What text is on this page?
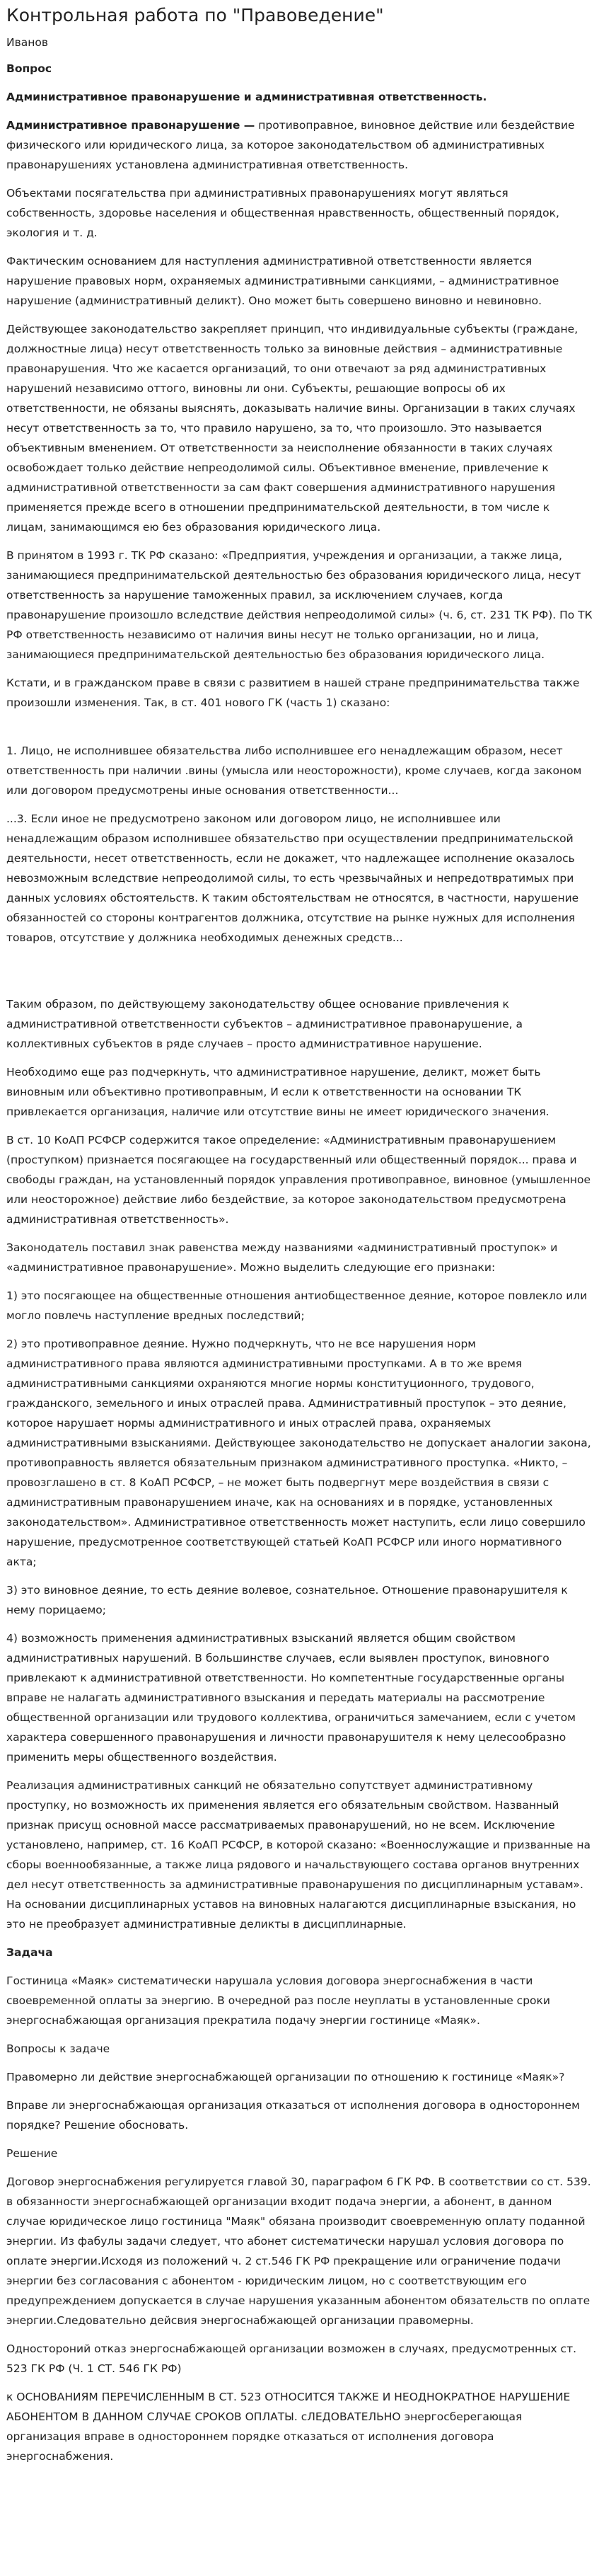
Контрольная работа по "Правоведение"
Иванов

Вопрос

Административное правонарушение и административная ответственность.

Административное правонарушение — противоправное, виновное действие или бездействие физического или юридического лица, за которое законодательством об административных правонарушениях установлена административная ответственность.

Объектами посягательства при административных правонарушениях могут являться собственность, здоровье населения и общественная нравственность, общественный порядок, экология и т. д.

Фактическим основанием для наступления административной ответственности является нарушение правовых норм, охраняемых административными санкциями, – административное нарушение (административный деликт). Оно может быть совершено виновно и невиновно.

Действующее законодательство закрепляет принцип, что индивидуальные субъекты (граждане, должностные лица) несут ответственность только за виновные действия – административные правонарушения. Что же касается организаций, то они отвечают за ряд административных нарушений независимо оттого, виновны ли они. Субъекты, решающие вопросы об их ответственности, не обязаны выяснять, доказывать наличие вины. Организации в таких случаях несут ответственность за то, что правило нарушено, за то, что произошло. Это называется объективным вменением. От ответственности за неисполнение обязанности в таких случаях освобождает только действие непреодолимой силы. Объективное вменение, привлечение к административной ответственности за сам факт совершения административного нарушения применяется прежде всего в отношении предпринимательской деятельности, в том числе к лицам, занимающимся ею без образования юридического лица.

В принятом в 1993 г. ТК РФ сказано: «Предприятия, учреждения и организации, а также лица, занимающиеся предпринимательской деятельностью без образования юридического лица, несут ответственность за нарушение таможенных правил, за исключением случаев, когда правонарушение произошло вследствие действия непреодолимой силы» (ч. 6, ст. 231 ТК РФ). По ТК РФ ответственность независимо от наличия вины несут не только организации, но и лица, занимающиеся предпринимательской деятельностью без образования юридического лица.

Кстати, и в гражданском праве в связи с развитием в нашей стране предпринимательства также произошли изменения. Так, в ст. 401 нового ГК (часть 1) сказано:

1. Лицо, не исполнившее обязательства либо исполнившее его ненадлежащим образом, несет ответственность при наличии .вины (умысла или неосторожности), кроме случаев, когда законом или договором предусмотрены иные основания ответственности...

...3. Если иное не предусмотрено законом или договором лицо, не исполнившее или ненадлежащим образом исполнившее обязательство при осуществлении предпринимательской деятельности, несет ответственность, если не докажет, что надлежащее исполнение оказалось невозможным вследствие непреодолимой силы, то есть чрезвычайных и непредотвратимых при данных условиях обстоятельств. К таким обстоятельствам не относятся, в частности, нарушение обязанностей со стороны контрагентов должника, отсутствие на рынке нужных для исполнения товаров, отсутствие у должника необходимых денежных средств...

Таким образом, по действующему законодательству общее основание привлечения к административной ответственности субъектов – административное правонарушение, а коллективных субъектов в ряде случаев – просто административное нарушение.

Необходимо еще раз подчеркнуть, что административное нарушение, деликт, может быть виновным или объективно противоправным, И если к ответственности на основании ТК привлекается организация, наличие или отсутствие вины не имеет юридического значения.

В ст. 10 КоАП РСФСР содержится такое определение: «Административным правонарушением (проступком) признается посягающее на государственный или общественный порядок... права и свободы граждан, на установленный порядок управления противоправное, виновное (умышленное или неосторожное) действие либо бездействие, за которое законодательством предусмотрена административная ответственность».

Законодатель поставил знак равенства между названиями «административный проступок» и «административное правонарушение». Можно выделить следующие его признаки:

1) это посягающее на общественные отношения антиобщественное деяние, которое повлекло или могло повлечь наступление вредных последствий;

2) это противоправное деяние. Нужно подчеркнуть, что не все нарушения норм административного права являются административными проступками. А в то же время административными санкциями охраняются многие нормы конституционного, трудового, гражданского, земельного и иных отраслей права. Административный проступок – это деяние, которое нарушает нормы административного и иных отраслей права, охраняемых административными взысканиями. Действующее законодательство не допускает аналогии закона, противоправность является обязательным признаком административного проступка. «Никто, – провозглашено в ст. 8 КоАП РСФСР, – не может быть подвергнут мере воздействия в связи с административным правонарушением иначе, как на основаниях и в порядке, установленных законодательством». Административное ответственность может наступить, если лицо совершило нарушение, предусмотренное соответствующей статьей КоАП РСФСР или иного нормативного акта;

3) это виновное деяние, то есть деяние волевое, сознательное. Отношение правонарушителя к нему порицаемо;

4) возможность применения административных взысканий является общим свойством административных нарушений. В большинстве случаев, если выявлен проступок, виновного привлекают к административной ответственности. Но компетентные государственные органы вправе не налагать административного взыскания и передать материалы на рассмотрение общественной организации или трудового коллектива, ограничиться замечанием, если с учетом характера совершенного правонарушения и личности правонарушителя к нему целесообразно применить меры общественного воздействия.

Реализация административных санкций не обязательно сопутствует административному проступку, но возможность их применения является его обязательным свойством. Названный признак присущ основной массе рассматриваемых правонарушений, но не всем. Исключение установлено, например, ст. 16 КоАП РСФСР, в которой сказано: «Военнослужащие и призванные на сборы военнообязанные, а также лица рядового и начальствующего состава органов внутренних дел несут ответственность за административные правонарушения по дисциплинарным уставам». На основании дисциплинарных уставов на виновных налагаются дисциплинарные взыскания, но это не преобразует административные деликты в дисциплинарные.

Задача

Гостиница «Маяк» систематически нарушала условия договора энергоснабжения в части своевременной оплаты за энергию. В очередной раз после неуплаты в установленные сроки энергоснабжающая организация прекратила подачу энергии гостинице «Маяк».

Вопросы к задаче

Правомерно ли действие энергоснабжающей организации по отношению к гостинице «Маяк»?

Вправе ли энергоснабжающая организация отказаться от исполнения договора в одностороннем порядке? Решение обосновать.

Решение

Договор энергоснабжения регулируется главой 30, параграфом 6 ГК РФ. В соответствии со ст. 539. в обязанности энергоснабжающей организации входит подача энергии, а абонент, в данном случае юридическое лицо гостиница "Маяк" обязана производит своевременную оплату поданной энергии. Из фабулы задачи следует, что абонет систематически нарушал условия договора по оплате энергии.Исходя из положений ч. 2 ст.546 ГК РФ прекращение или ограничение подачи энергии без согласования с абонентом - юридическим лицом, но с соответствующим его предупреждением допускается в случае нарушения указанным абонентом обязательств по оплате энергии.Следовательно дейсвия энергоснабжающей организации правомерны.

Одностороний отказ энергоснабжающей организации возможен в случаях, предусмотренных ст. 523 ГК РФ (Ч. 1 СТ. 546 ГК РФ)

к ОСНОВАНИЯМ ПЕРЕЧИСЛЕННЫМ В СТ. 523 ОТНОСИТСЯ ТАКЖЕ И НЕОДНОКРАТНОЕ НАРУШЕНИЕ АБОНЕНТОМ В ДАННОМ СЛУЧАЕ СРОКОВ ОПЛАТЫ. сЛЕДОВАТЕЛЬНО энергосберегающая организация вправе в одностороннем порядке отказаться от исполнения договора энергоснабжения.
